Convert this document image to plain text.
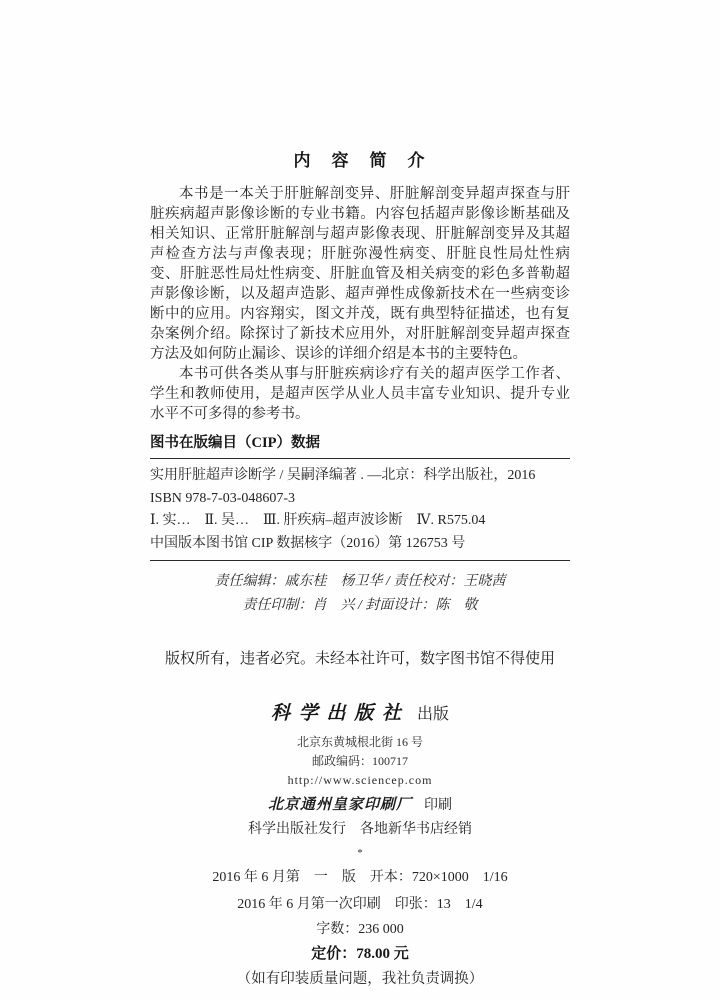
内　容　简　介

本书是一本关于肝脏解剖变异、肝脏解剖变异超声探查与肝脏疾病超声影像诊断的专业书籍。内容包括超声影像诊断基础及相关知识、正常肝脏解剖与超声影像表现、肝脏解剖变异及其超声检查方法与声像表现；肝脏弥漫性病变、肝脏良性局灶性病变、肝脏恶性局灶性病变、肝脏血管及相关病变的彩色多普勒超声影像诊断，以及超声造影、超声弹性成像新技术在一些病变诊断中的应用。内容翔实，图文并茂，既有典型特征描述，也有复杂案例介绍。除探讨了新技术应用外，对肝脏解剖变异超声探查方法及如何防止漏诊、误诊的详细介绍是本书的主要特色。

本书可供各类从事与肝脏疾病诊疗有关的超声医学工作者、学生和教师使用，是超声医学从业人员丰富专业知识、提升专业水平不可多得的参考书。

图书在版编目（CIP）数据
实用肝脏超声诊断学 / 吴嗣泽编著 . —北京：科学出版社，2016
ISBN 978-7-03-048607-3
Ⅰ. 实…　Ⅱ. 吴…　Ⅲ. 肝疾病–超声波诊断　Ⅳ. R575.04
中国版本图书馆 CIP 数据核字（2016）第 126753 号
责任编辑：戚东桂　杨卫华 / 责任校对：王晓茜
责任印制：肖　兴 / 封面设计：陈　敬
版权所有，违者必究。未经本社许可，数字图书馆不得使用
科 学 出 版 社 出版
北京东黄城根北街 16 号
邮政编码：100717
http://www.sciencep.com
北京通州皇家印刷厂 印刷
科学出版社发行　各地新华书店经销
*
2016 年 6 月第　一　版　开本：720×1000　1/16
2016 年 6 月第一次印刷　印张：13　1/4
字数：236 000
定价：78.00 元
（如有印装质量问题，我社负责调换）
